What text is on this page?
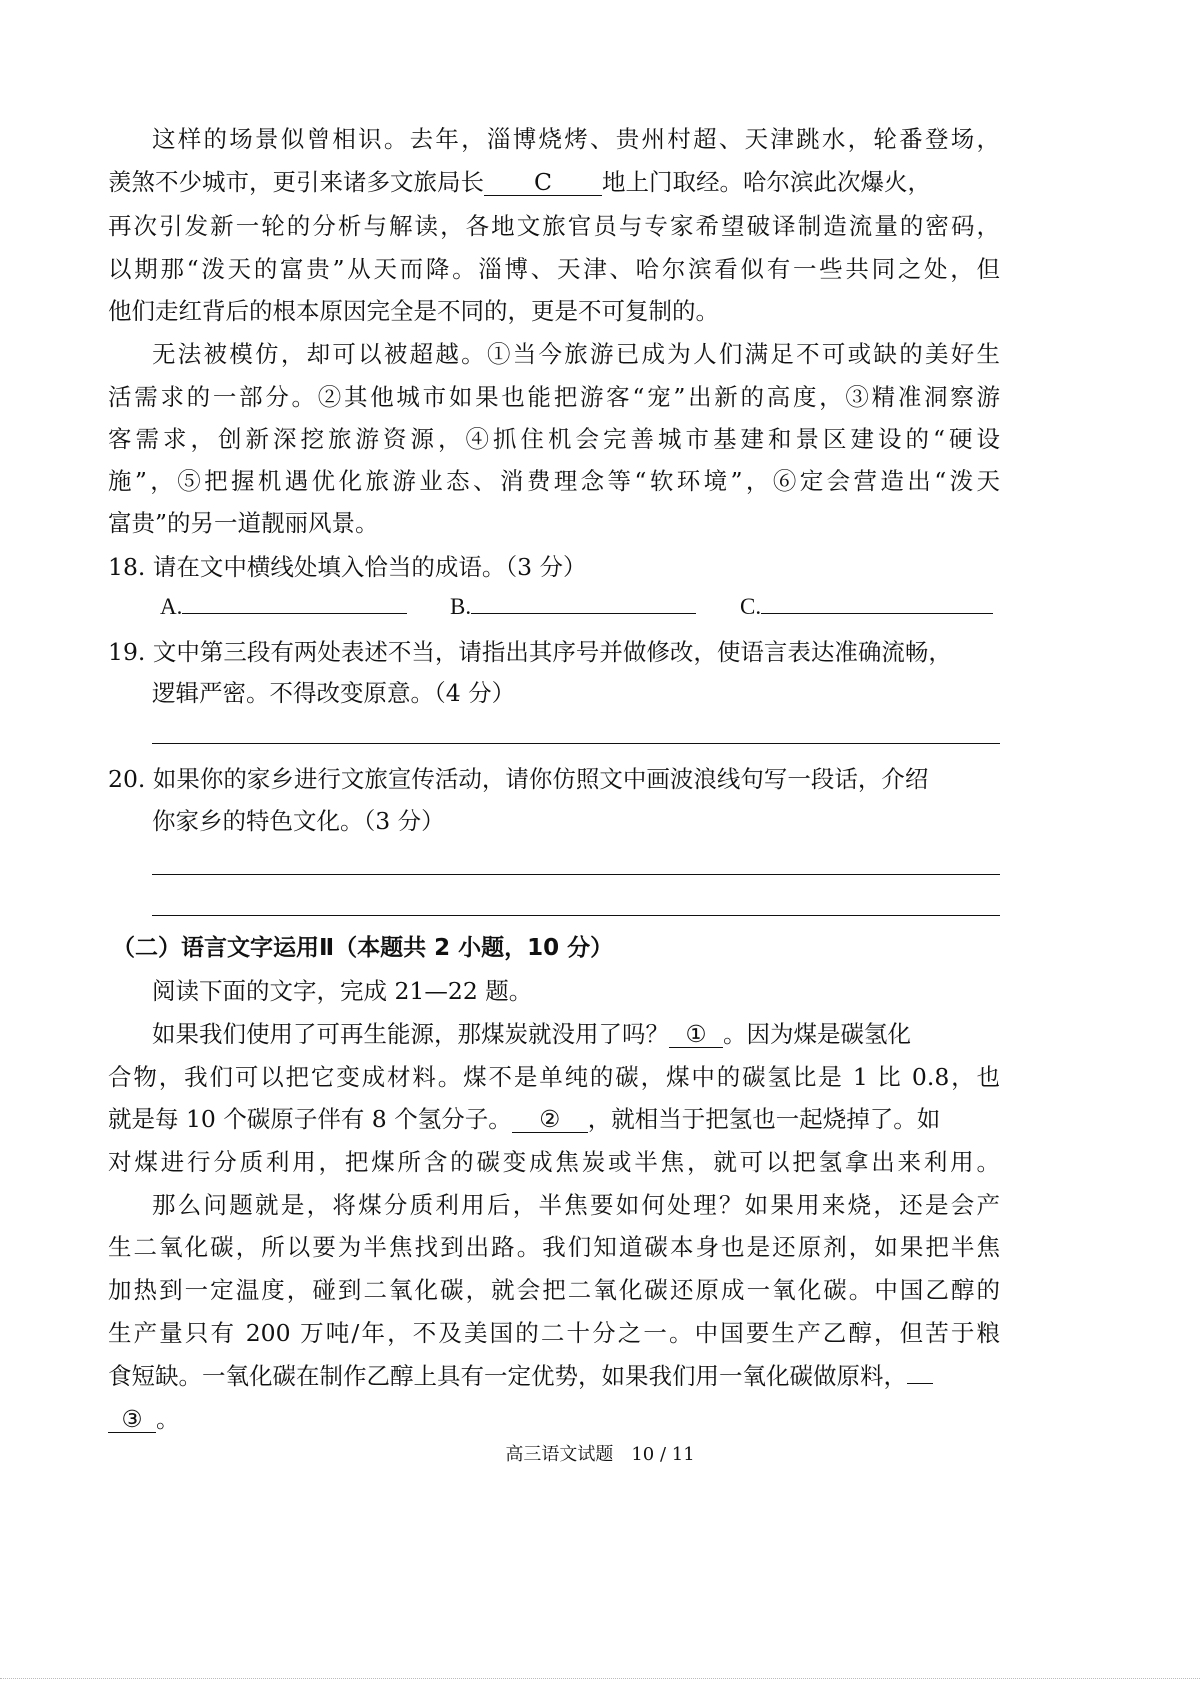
这样的场景似曾相识。去年，淄博烧烤、贵州村超、天津跳水，轮番登场，
羡煞不少城市，更引来诸多文旅局长 C 地上门取经。哈尔滨此次爆火，
再次引发新一轮的分析与解读，各地文旅官员与专家希望破译制造流量的密码，
以期那“泼天的富贵”从天而降。淄博、天津、哈尔滨看似有一些共同之处，但
他们走红背后的根本原因完全是不同的，更是不可复制的。
无法被模仿，却可以被超越。①当今旅游已成为人们满足不可或缺的美好生
活需求的一部分。②其他城市如果也能把游客“宠”出新的高度，③精准洞察游
客需求，创新深挖旅游资源，④抓住机会完善城市基建和景区建设的“硬设
施”，⑤把握机遇优化旅游业态、消费理念等“软环境”，⑥定会营造出“泼天
富贵”的另一道靓丽风景。
18. 请在文中横线处填入恰当的成语。（3 分）
A.	B.	C.
19. 文中第三段有两处表述不当，请指出其序号并做修改，使语言表达准确流畅，
逻辑严密。不得改变原意。（4 分）
20. 如果你的家乡进行文旅宣传活动，请你仿照文中画波浪线句写一段话，介绍
你家乡的特色文化。（3 分）
（二）语言文字运用Ⅱ（本题共 2 小题，10 分）
阅读下面的文字，完成 21—22 题。
如果我们使用了可再生能源，那煤炭就没用了吗？ ① 。因为煤是碳氢化
合物，我们可以把它变成材料。煤不是单纯的碳，煤中的碳氢比是 1 比 0.8，也
就是每 10 个碳原子伴有 8 个氢分子。 ② ，就相当于把氢也一起烧掉了。如
对煤进行分质利用，把煤所含的碳变成焦炭或半焦，就可以把氢拿出来利用。
那么问题就是，将煤分质利用后，半焦要如何处理？如果用来烧，还是会产
生二氧化碳，所以要为半焦找到出路。我们知道碳本身也是还原剂，如果把半焦
加热到一定温度，碰到二氧化碳，就会把二氧化碳还原成一氧化碳。中国乙醇的
生产量只有 200 万吨/年，不及美国的二十分之一。中国要生产乙醇，但苦于粮
食短缺。一氧化碳在制作乙醇上具有一定优势，如果我们用一氧化碳做原料，
③ 。
高三语文试题　10 / 11
